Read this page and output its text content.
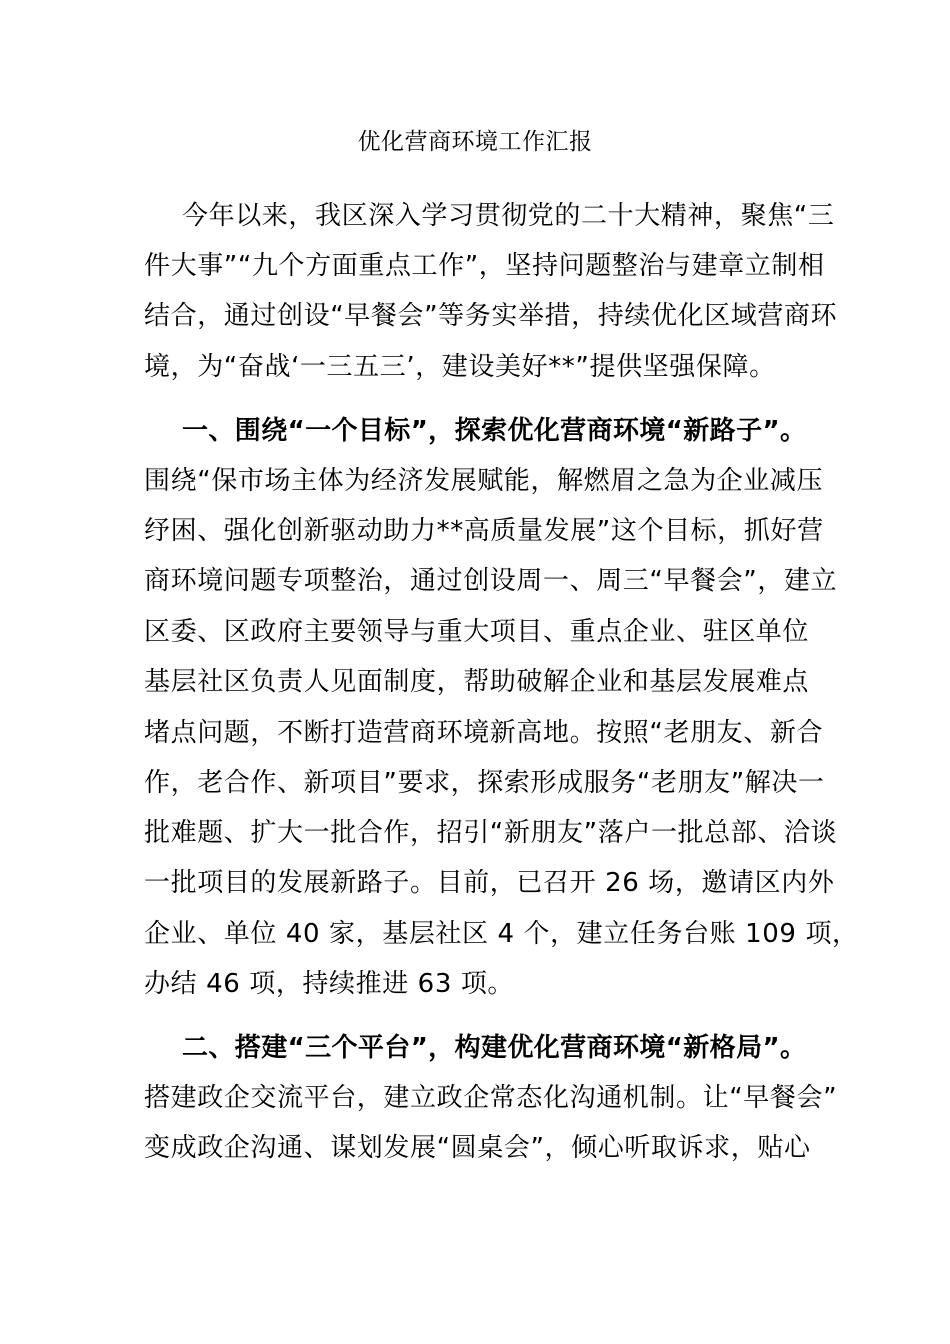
优化营商环境工作汇报
今年以来，我区深入学习贯彻党的二十大精神，聚焦“三
件大事”“九个方面重点工作”，坚持问题整治与建章立制相
结合，通过创设“早餐会”等务实举措，持续优化区域营商环
境，为“奋战‘一三五三’，建设美好**”提供坚强保障。
一、围绕“一个目标”，探索优化营商环境“新路子”。
围绕“保市场主体为经济发展赋能，解燃眉之急为企业减压
纾困、强化创新驱动助力**高质量发展”这个目标，抓好营
商环境问题专项整治，通过创设周一、周三“早餐会”，建立
区委、区政府主要领导与重大项目、重点企业、驻区单位
基层社区负责人见面制度，帮助破解企业和基层发展难点
堵点问题，不断打造营商环境新高地。按照“老朋友、新合
作，老合作、新项目”要求，探索形成服务“老朋友”解决一
批难题、扩大一批合作，招引“新朋友”落户一批总部、洽谈
一批项目的发展新路子。目前，已召开 26 场，邀请区内外
企业、单位 40 家，基层社区 4 个，建立任务台账 109 项，
办结 46 项，持续推进 63 项。
二、搭建“三个平台”，构建优化营商环境“新格局”。
搭建政企交流平台，建立政企常态化沟通机制。让“早餐会”
变成政企沟通、谋划发展“圆桌会”，倾心听取诉求，贴心
